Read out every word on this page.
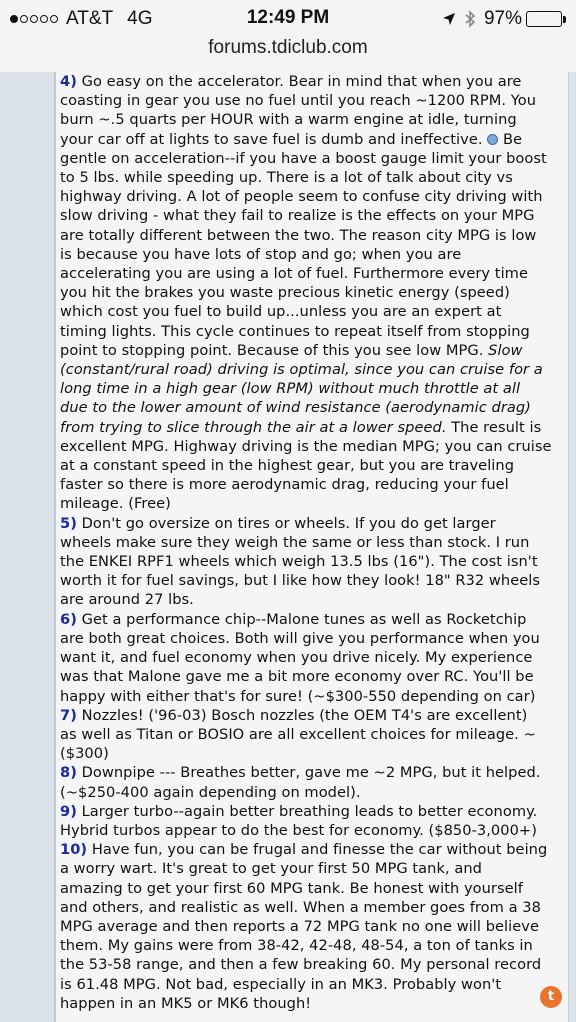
AT&T 4G	12:49 PM	97%
forums.tdiclub.com
4) Go easy on the accelerator. Bear in mind that when you are
coasting in gear you use no fuel until you reach ~1200 RPM. You
burn ~.5 quarts per HOUR with a warm engine at idle, turning
your car off at lights to save fuel is dumb and ineffective.  Be
gentle on acceleration--if you have a boost gauge limit your boost
to 5 lbs. while speeding up. There is a lot of talk about city vs
highway driving. A lot of people seem to confuse city driving with
slow driving - what they fail to realize is the effects on your MPG
are totally different between the two. The reason city MPG is low
is because you have lots of stop and go; when you are
accelerating you are using a lot of fuel. Furthermore every time
you hit the brakes you waste precious kinetic energy (speed)
which cost you fuel to build up...unless you are an expert at
timing lights. This cycle continues to repeat itself from stopping
point to stopping point. Because of this you see low MPG. Slow
(constant/rural road) driving is optimal, since you can cruise for a
long time in a high gear (low RPM) without much throttle at all
due to the lower amount of wind resistance (aerodynamic drag)
from trying to slice through the air at a lower speed. The result is
excellent MPG. Highway driving is the median MPG; you can cruise
at a constant speed in the highest gear, but you are traveling
faster so there is more aerodynamic drag, reducing your fuel
mileage. (Free)
5) Don't go oversize on tires or wheels. If you do get larger
wheels make sure they weigh the same or less than stock. I run
the ENKEI RPF1 wheels which weigh 13.5 lbs (16"). The cost isn't
worth it for fuel savings, but I like how they look! 18" R32 wheels
are around 27 lbs.
6) Get a performance chip--Malone tunes as well as Rocketchip
are both great choices. Both will give you performance when you
want it, and fuel economy when you drive nicely. My experience
was that Malone gave me a bit more economy over RC. You'll be
happy with either that's for sure! (~$300-550 depending on car)
7) Nozzles! ('96-03) Bosch nozzles (the OEM T4's are excellent)
as well as Titan or BOSIO are all excellent choices for mileage. ~
($300)
8) Downpipe --- Breathes better, gave me ~2 MPG, but it helped.
(~$250-400 again depending on model).
9) Larger turbo--again better breathing leads to better economy.
Hybrid turbos appear to do the best for economy. ($850-3,000+)
10) Have fun, you can be frugal and finesse the car without being
a worry wart. It's great to get your first 50 MPG tank, and
amazing to get your first 60 MPG tank. Be honest with yourself
and others, and realistic as well. When a member goes from a 38
MPG average and then reports a 72 MPG tank no one will believe
them. My gains were from 38-42, 42-48, 48-54, a ton of tanks in
the 53-58 range, and then a few breaking 60. My personal record
is 61.48 MPG. Not bad, especially in an MK3. Probably won't
happen in an MK5 or MK6 though!	t
